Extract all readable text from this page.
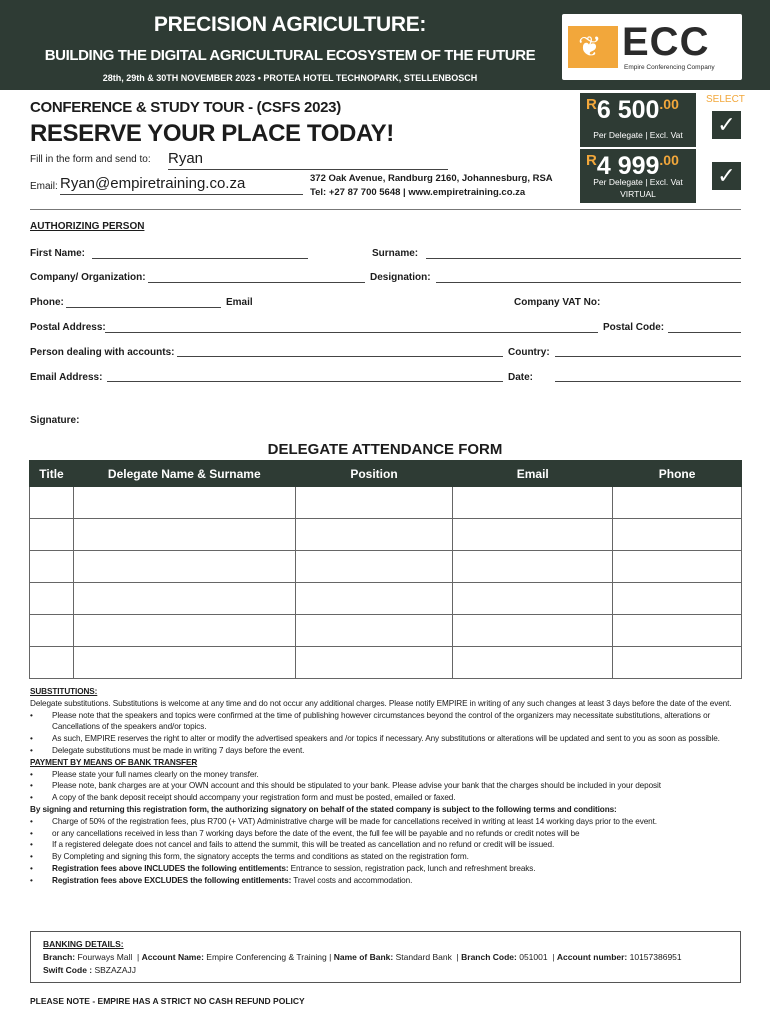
PRECISION AGRICULTURE:
BUILDING THE DIGITAL AGRICULTURAL ECOSYSTEM OF THE FUTURE
28th, 29th & 30TH NOVEMBER 2023 • PROTEA HOTEL TECHNOPARK, STELLENBOSCH
❦ ECC
Empire Conferencing Company
CONFERENCE & STUDY TOUR - (CSFS 2023)
RESERVE YOUR PLACE TODAY!
Fill in the form and send to: Ryan
Email: Ryan@empiretraining.co.za	372 Oak Avenue, Randburg 2160, Johannesburg, RSA
Tel: +27 87 700 5648 | www.empiretraining.co.za
SELECT
$^R$6 $500^{.00}$
Per Delegate | Excl. Vat	✓
$^R$4 $999^{.00}$
Per Delegate | Excl. Vat
VIRTUAL
✓
AUTHORIZING PERSON
First Name:	Surname:
Company/ Organization:	Designation:
Phone:	Email	Company VAT No:
Postal Address:	Postal Code:
Person dealing with accounts:	Country:
Email Address:	Date:
Signature:
DELEGATE ATTENDANCE FORM
Title	Delegate Name & Surname	Position	Email	Phone

SUBSTITUTIONS:
Delegate substitutions. Substitutions is welcome at any time and do not occur any additional charges. Please notify EMPIRE in writing of any such changes at least 3 days before the date of the event.
• Please note that the speakers and topics were confirmed at the time of publishing however circumstances beyond the control of the organizers may necessitate substitutions, alterations or Cancellations of the speakers and/or topics.
• As such, EMPIRE reserves the right to alter or modify the advertised speakers and /or topics if necessary. Any substitutions or alterations will be updated and sent to you as soon as possible.
• Delegate substitutions must be made in writing 7 days before the event.
PAYMENT BY MEANS OF BANK TRANSFER
• Please state your full names clearly on the money transfer.
• Please note, bank charges are at your OWN account and this should be stipulated to your bank. Please advise your bank that the charges should be included in your deposit
• A copy of the bank deposit receipt should accompany your registration form and must be posted, emailed or faxed.
By signing and returning this registration form, the authorizing signatory on behalf of the stated company is subject to the following terms and conditions:
• Charge of 50% of the registration fees, plus R700 (+ VAT) Administrative charge will be made for cancellations received in writing at least 14 working days prior to the event.
• or any cancellations received in less than 7 working days before the date of the event, the full fee will be payable and no refunds or credit notes will be
• If a registered delegate does not cancel and fails to attend the summit, this will be treated as cancellation and no refund or credit will be issued.
• By Completing and signing this form, the signatory accepts the terms and conditions as stated on the registration form.
• Registration fees above INCLUDES the following entitlements: Entrance to session, registration pack, lunch and refreshment breaks.
• Registration fees above EXCLUDES the following entitlements: Travel costs and accommodation.
BANKING DETAILS:
Branch: Fourways Mall  | Account Name: Empire Conferencing & Training | Name of Bank: Standard Bank  | Branch Code: 051001  | Account number: 10157386951
Swift Code : SBZAZAJJ
PLEASE NOTE - EMPIRE HAS A STRICT NO CASH REFUND POLICY
